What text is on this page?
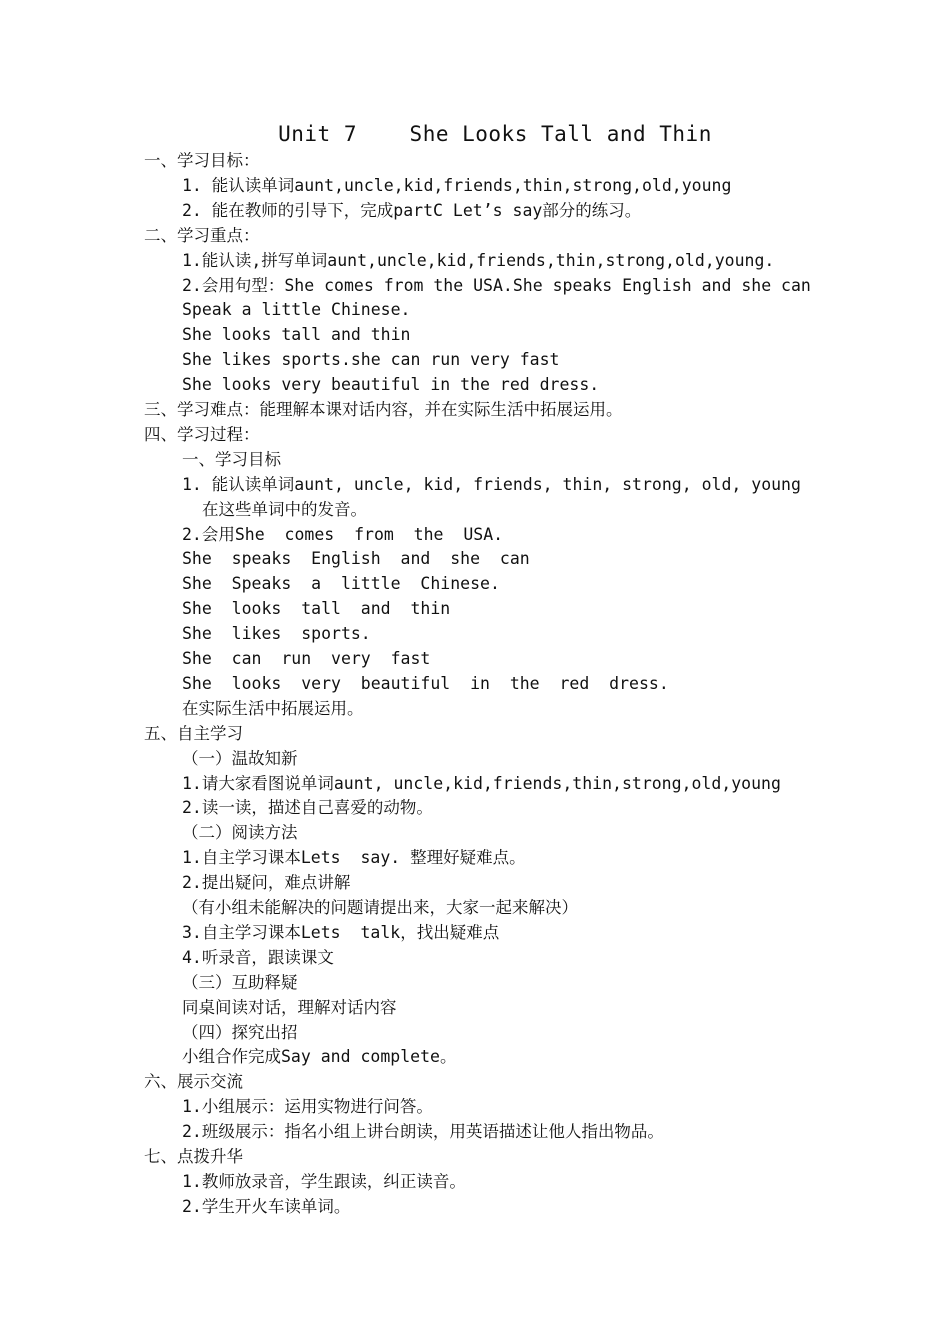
Unit 7    She Looks Tall and Thin
一、学习目标：
1. 能认读单词aunt,uncle,kid,friends,thin,strong,old,young
2. 能在教师的引导下，完成partC Let’s say部分的练习。
二、学习重点：
1.能认读,拼写单词aunt,uncle,kid,friends,thin,strong,old,young.
2.会用句型：She comes from the USA.She speaks English and she can
Speak a little Chinese.
She looks tall and thin
She likes sports.she can run very fast
She looks very beautiful in the red dress.
三、学习难点：能理解本课对话内容，并在实际生活中拓展运用。
四、学习过程：
一、学习目标
1. 能认读单词aunt, uncle, kid, friends, thin, strong, old, young
在这些单词中的发音。
2.会用She  comes  from  the  USA.
She  speaks  English  and  she  can
She  Speaks  a  little  Chinese.
She  looks  tall  and  thin
She  likes  sports.
She  can  run  very  fast
She  looks  very  beautiful  in  the  red  dress.
在实际生活中拓展运用。
五、自主学习
（一）温故知新
1.请大家看图说单词aunt, uncle,kid,friends,thin,strong,old,young
2.读一读，描述自己喜爱的动物。
（二）阅读方法
1.自主学习课本Lets  say. 整理好疑难点。
2.提出疑问，难点讲解
（有小组未能解决的问题请提出来，大家一起来解决）
3.自主学习课本Lets  talk，找出疑难点
4.听录音，跟读课文
（三）互助释疑
同桌间读对话，理解对话内容
（四）探究出招
小组合作完成Say and complete。
六、展示交流
1.小组展示：运用实物进行问答。
2.班级展示：指名小组上讲台朗读，用英语描述让他人指出物品。
七、点拨升华
1.教师放录音，学生跟读，纠正读音。
2.学生开火车读单词。
